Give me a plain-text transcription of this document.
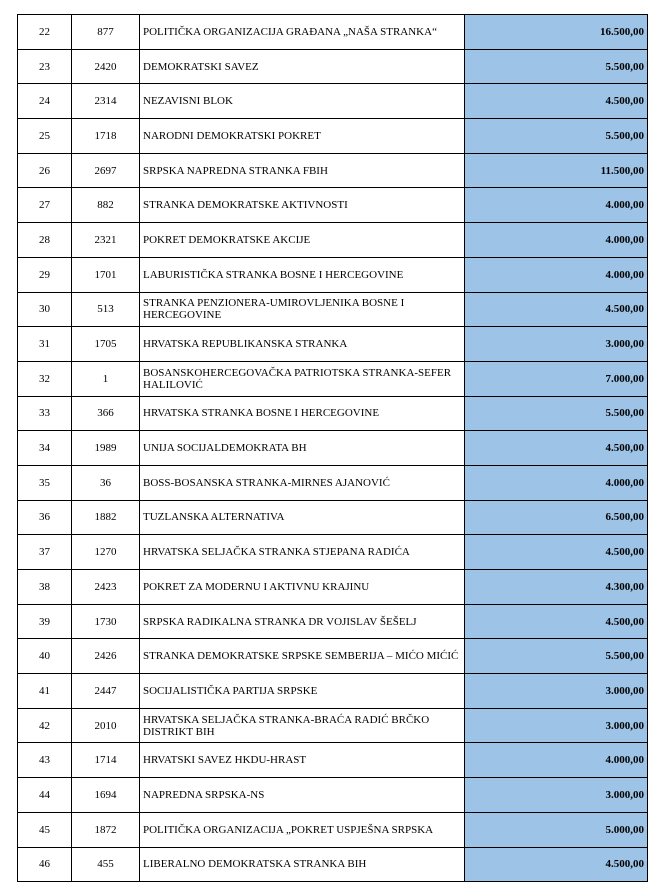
22	877	POLITIČKA ORGANIZACIJA GRAĐANA „NAŠA STRANKA“	16.500,00
23	2420	DEMOKRATSKI SAVEZ	5.500,00
24	2314	NEZAVISNI BLOK	4.500,00
25	1718	NARODNI DEMOKRATSKI POKRET	5.500,00
26	2697	SRPSKA NAPREDNA STRANKA FBIH	11.500,00
27	882	STRANKA DEMOKRATSKE AKTIVNOSTI	4.000,00
28	2321	POKRET DEMOKRATSKE AKCIJE	4.000,00
29	1701	LABURISTIČKA STRANKA BOSNE I HERCEGOVINE	4.000,00
30	513	STRANKA PENZIONERA-UMIROVLJENIKA BOSNE I HERCEGOVINE	4.500,00
31	1705	HRVATSKA REPUBLIKANSKA STRANKA	3.000,00
32	1	BOSANSKOHERCEGOVAČKA PATRIOTSKA STRANKA-SEFER HALILOVIĆ	7.000,00
33	366	HRVATSKA STRANKA BOSNE I HERCEGOVINE	5.500,00
34	1989	UNIJA SOCIJALDEMOKRATA BH	4.500,00
35	36	BOSS-BOSANSKA STRANKA-MIRNES AJANOVIĆ	4.000,00
36	1882	TUZLANSKA ALTERNATIVA	6.500,00
37	1270	HRVATSKA SELJAČKA STRANKA STJEPANA RADIĆA	4.500,00
38	2423	POKRET ZA MODERNU I AKTIVNU KRAJINU	4.300,00
39	1730	SRPSKA RADIKALNA STRANKA DR VOJISLAV ŠEŠELJ	4.500,00
40	2426	STRANKA DEMOKRATSKE SRPSKE SEMBERIJA – MIĆO MIĆIĆ	5.500,00
41	2447	SOCIJALISTIČKA PARTIJA SRPSKE	3.000,00
42	2010	HRVATSKA SELJAČKA STRANKA-BRAĆA RADIĆ BRČKO DISTRIKT BIH	3.000,00
43	1714	HRVATSKI SAVEZ HKDU-HRAST	4.000,00
44	1694	NAPREDNA SRPSKA-NS	3.000,00
45	1872	POLITIČKA ORGANIZACIJA „POKRET USPJEŠNA SRPSKA	5.000,00
46	455	LIBERALNO DEMOKRATSKA STRANKA BIH	4.500,00
